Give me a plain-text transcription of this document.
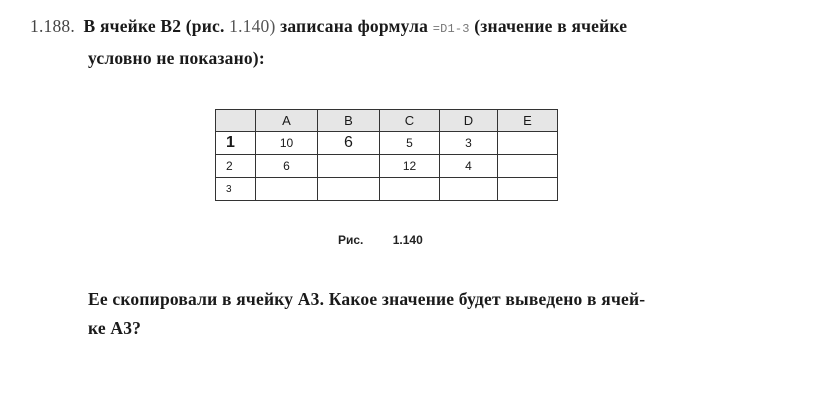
1.188. В ячейке В2 (рис. 1.140) записана формула =D1-3 (значение в ячейке
условно не показано):
	A	B	C	D	E
1	10	6	5	3	
2	6		12	4	
3					
Рис. 1.140
Ее скопировали в ячейку А3. Какое значение будет выведено в ячей-
ке А3?
